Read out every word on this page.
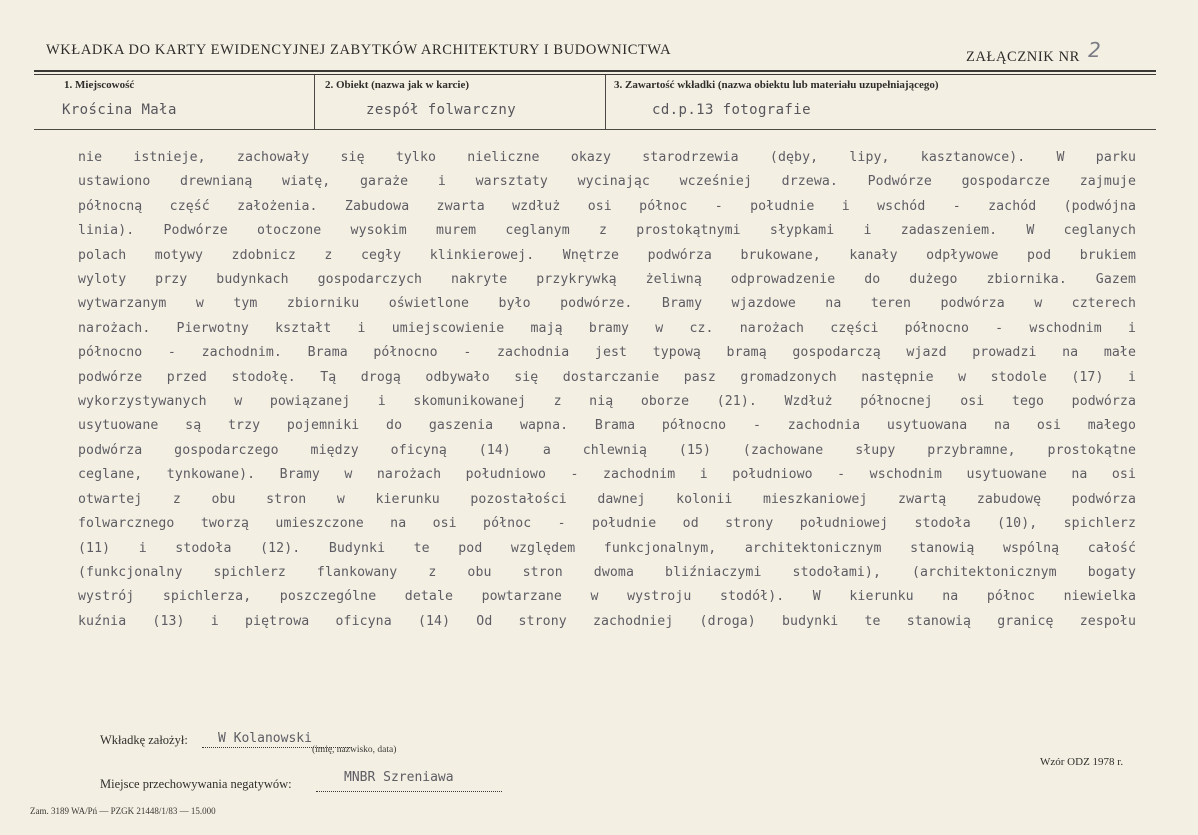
WKŁADKA DO KARTY EWIDENCYJNEJ ZABYTKÓW ARCHITEKTURY I BUDOWNICTWA	ZAŁĄCZNIK NR 2
1. Miejscowość
Krościna Mała
2. Obiekt (nazwa jak w karcie)
zespół folwarczny
3. Zawartość wkładki (nazwa obiektu lub materiału uzupełniającego)
cd.p.13 fotografie
nie istnieje, zachowały się tylko nieliczne okazy starodrzewia (dęby, lipy, kasztanowce). W parku
ustawiono drewnianą wiatę, garaże i warsztaty wycinając wcześniej drzewa. Podwórze gospodarcze zajmuje
północną część założenia. Zabudowa zwarta wzdłuż osi północ - południe i wschód - zachód (podwójna
linia). Podwórze otoczone wysokim murem ceglanym z prostokątnymi słypkami i zadaszeniem. W ceglanych
polach motywy zdobnicz z cegły klinkierowej. Wnętrze podwórza brukowane, kanały odpływowe pod brukiem
wyloty przy budynkach gospodarczych nakryte przykrywką żeliwną odprowadzenie do dużego zbiornika. Gazem
wytwarzanym w tym zbiorniku oświetlone było podwórze. Bramy wjazdowe na teren podwórza w czterech
narożach. Pierwotny kształt i umiejscowienie mają bramy w cz. narożach części północno - wschodnim i
północno - zachodnim. Brama północno - zachodnia jest typową bramą gospodarczą wjazd prowadzi na małe
podwórze przed stodołę. Tą drogą odbywało się dostarczanie pasz gromadzonych następnie w stodole (17) i
wykorzystywanych w powiązanej i skomunikowanej z nią oborze (21). Wzdłuż północnej osi tego podwórza
usytuowane są trzy pojemniki do gaszenia wapna. Brama północno - zachodnia usytuowana na osi małego
podwórza gospodarczego między oficyną (14) a chlewnią (15) (zachowane słupy przybramne, prostokątne
ceglane, tynkowane). Bramy w narożach południowo - zachodnim i południowo - wschodnim usytuowane na osi
otwartej z obu stron w kierunku pozostałości dawnej kolonii mieszkaniowej zwartą zabudowę podwórza
folwarcznego tworzą umieszczone na osi północ - południe od strony południowej stodoła (10), spichlerz
(11) i stodoła (12). Budynki te pod względem funkcjonalnym, architektonicznym stanowią wspólną całość
(funkcjonalny spichlerz flankowany z obu stron dwoma bliźniaczymi stodołami), (architektonicznym bogaty
wystrój spichlerza, poszczególne detale powtarzane w wystroju stodół). W kierunku na północ niewielka
kuźnia (13) i piętrowa oficyna (14) Od strony zachodniej (droga) budynki te stanowią granicę zespołu
Wkładkę założył: W Kolanowski
(imię, nazwisko, data)
Miejsce przechowywania negatywów:	MNBR Szreniawa
Wzór ODZ 1978 r.
Zam. 3189 WA/Pń — PZGK 21448/1/83 — 15.000
